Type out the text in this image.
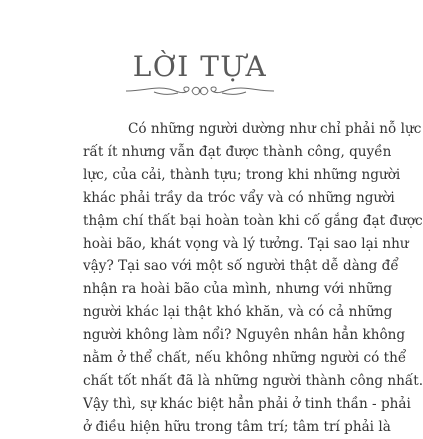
LỜI TỰA
Có những người dường như chỉ phải nỗ lực
rất ít nhưng vẫn đạt được thành công, quyền
lực, của cải, thành tựu; trong khi những người
khác phải trầy da tróc vẩy và có những người
thậm chí thất bại hoàn toàn khi cố gắng đạt được
hoài bão, khát vọng và lý tưởng. Tại sao lại như
vậy? Tại sao với một số người thật dễ dàng để
nhận ra hoài bão của mình, nhưng với những
người khác lại thật khó khăn, và có cả những
người không làm nổi? Nguyên nhân hẳn không
nằm ở thể chất, nếu không những người có thể
chất tốt nhất đã là những người thành công nhất.
Vậy thì, sự khác biệt hẳn phải ở tinh thần - phải
ở điều hiện hữu trong tâm trí; tâm trí phải là
